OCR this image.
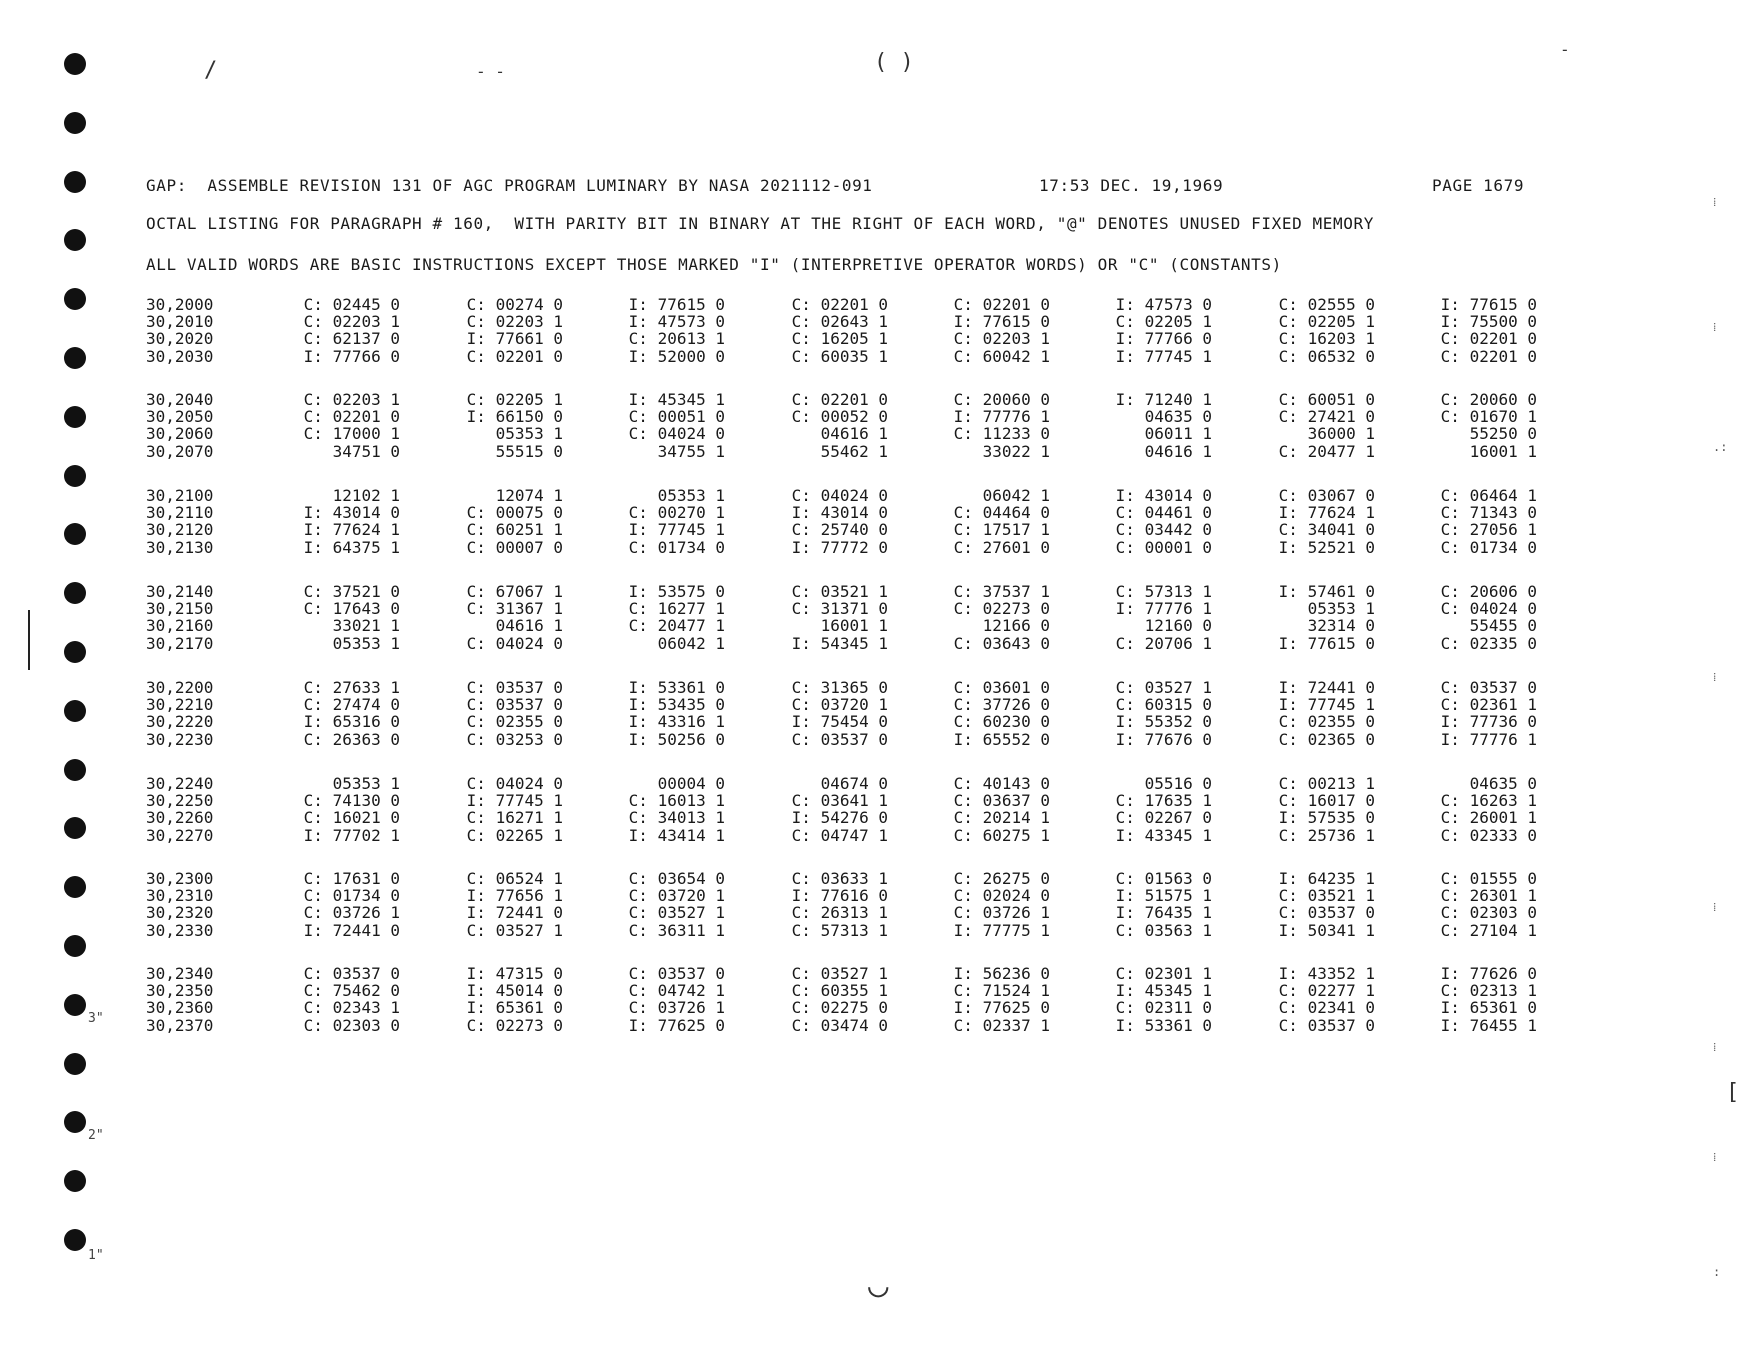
3"
2"
1"
/	- -	( )
-
◡
⁞
⁞
.:
⁞
⁞
⁞
⁞
:
[

GAP:  ASSEMBLE REVISION 131 OF AGC PROGRAM LUMINARY BY NASA 2021112-091

	17:53 DEC. 19,1969

	PAGE 1679

OCTAL LISTING FOR PARAGRAPH # 160,  WITH PARITY BIT IN BINARY AT THE RIGHT OF EACH WORD, "@" DENOTES UNUSED FIXED MEMORY
ALL VALID WORDS ARE BASIC INSTRUCTIONS EXCEPT THOSE MARKED "I" (INTERPRETIVE OPERATOR WORDS) OR "C" (CONSTANTS)
30,2000	C: 02445 0	C: 00274 0	I: 77615 0	C: 02201 0	C: 02201 0	I: 47573 0	C: 02555 0	I: 77615 0
30,2010	C: 02203 1	C: 02203 1	I: 47573 0	C: 02643 1	I: 77615 0	C: 02205 1	C: 02205 1	I: 75500 0
30,2020	C: 62137 0	I: 77661 0	C: 20613 1	C: 16205 1	C: 02203 1	I: 77766 0	C: 16203 1	C: 02201 0
30,2030	I: 77766 0	C: 02201 0	I: 52000 0	C: 60035 1	C: 60042 1	I: 77745 1	C: 06532 0	C: 02201 0
30,2040	C: 02203 1	C: 02205 1	I: 45345 1	C: 02201 0	C: 20060 0	I: 71240 1	C: 60051 0	C: 20060 0
30,2050	C: 02201 0	I: 66150 0	C: 00051 0	C: 00052 0	I: 77776 1	04635 0	C: 27421 0	C: 01670 1
30,2060	C: 17000 1	05353 1	C: 04024 0	04616 1	C: 11233 0	06011 1	36000 1	55250 0
30,2070	34751 0	55515 0	34755 1	55462 1	33022 1	04616 1	C: 20477 1	16001 1
30,2100	12102 1	12074 1	05353 1	C: 04024 0	06042 1	I: 43014 0	C: 03067 0	C: 06464 1
30,2110	I: 43014 0	C: 00075 0	C: 00270 1	I: 43014 0	C: 04464 0	C: 04461 0	I: 77624 1	C: 71343 0
30,2120	I: 77624 1	C: 60251 1	I: 77745 1	C: 25740 0	C: 17517 1	C: 03442 0	C: 34041 0	C: 27056 1
30,2130	I: 64375 1	C: 00007 0	C: 01734 0	I: 77772 0	C: 27601 0	C: 00001 0	I: 52521 0	C: 01734 0
30,2140	C: 37521 0	C: 67067 1	I: 53575 0	C: 03521 1	C: 37537 1	C: 57313 1	I: 57461 0	C: 20606 0
30,2150	C: 17643 0	C: 31367 1	C: 16277 1	C: 31371 0	C: 02273 0	I: 77776 1	05353 1	C: 04024 0
30,2160	33021 1	04616 1	C: 20477 1	16001 1	12166 0	12160 0	32314 0	55455 0
30,2170	05353 1	C: 04024 0	06042 1	I: 54345 1	C: 03643 0	C: 20706 1	I: 77615 0	C: 02335 0
30,2200	C: 27633 1	C: 03537 0	I: 53361 0	C: 31365 0	C: 03601 0	C: 03527 1	I: 72441 0	C: 03537 0
30,2210	C: 27474 0	C: 03537 0	I: 53435 0	C: 03720 1	C: 37726 0	C: 60315 0	I: 77745 1	C: 02361 1
30,2220	I: 65316 0	C: 02355 0	I: 43316 1	I: 75454 0	C: 60230 0	I: 55352 0	C: 02355 0	I: 77736 0
30,2230	C: 26363 0	C: 03253 0	I: 50256 0	C: 03537 0	I: 65552 0	I: 77676 0	C: 02365 0	I: 77776 1
30,2240	05353 1	C: 04024 0	00004 0	04674 0	C: 40143 0	05516 0	C: 00213 1	04635 0
30,2250	C: 74130 0	I: 77745 1	C: 16013 1	C: 03641 1	C: 03637 0	C: 17635 1	C: 16017 0	C: 16263 1
30,2260	C: 16021 0	C: 16271 1	C: 34013 1	I: 54276 0	C: 20214 1	C: 02267 0	I: 57535 0	C: 26001 1
30,2270	I: 77702 1	C: 02265 1	I: 43414 1	C: 04747 1	C: 60275 1	I: 43345 1	C: 25736 1	C: 02333 0
30,2300	C: 17631 0	C: 06524 1	C: 03654 0	C: 03633 1	C: 26275 0	C: 01563 0	I: 64235 1	C: 01555 0
30,2310	C: 01734 0	I: 77656 1	C: 03720 1	I: 77616 0	C: 02024 0	I: 51575 1	C: 03521 1	C: 26301 1
30,2320	C: 03726 1	I: 72441 0	C: 03527 1	C: 26313 1	C: 03726 1	I: 76435 1	C: 03537 0	C: 02303 0
30,2330	I: 72441 0	C: 03527 1	C: 36311 1	C: 57313 1	I: 77775 1	C: 03563 1	I: 50341 1	C: 27104 1
30,2340	C: 03537 0	I: 47315 0	C: 03537 0	C: 03527 1	I: 56236 0	C: 02301 1	I: 43352 1	I: 77626 0
30,2350	C: 75462 0	I: 45014 0	C: 04742 1	C: 60355 1	C: 71524 1	I: 45345 1	C: 02277 1	C: 02313 1
30,2360	C: 02343 1	I: 65361 0	C: 03726 1	C: 02275 0	I: 77625 0	C: 02311 0	C: 02341 0	I: 65361 0
30,2370	C: 02303 0	C: 02273 0	I: 77625 0	C: 03474 0	C: 02337 1	I: 53361 0	C: 03537 0	I: 76455 1
